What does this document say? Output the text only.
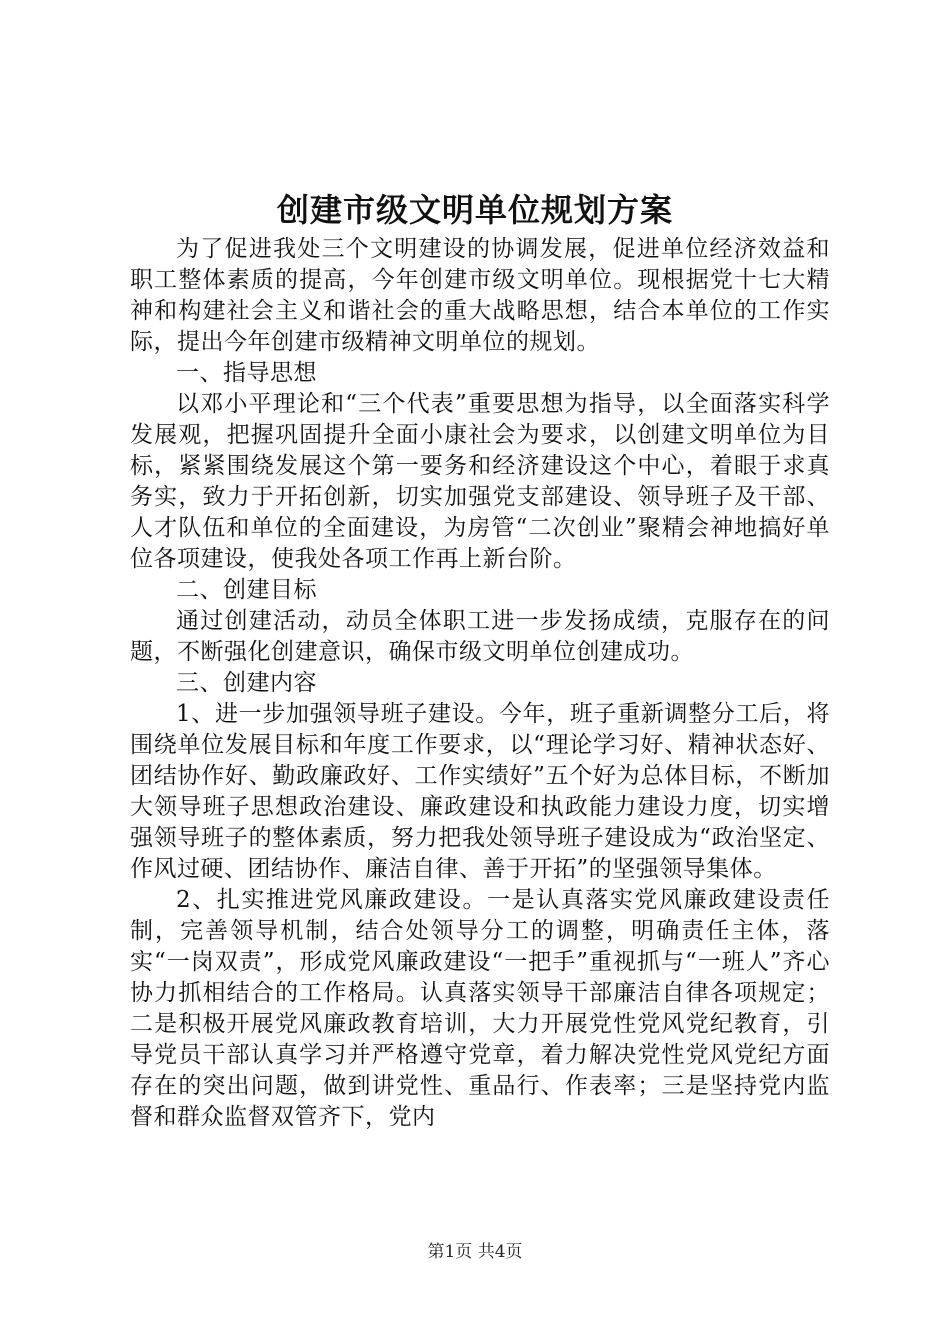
创建市级文明单位规划方案

为了促进我处三个文明建设的协调发展，促进单位经济效益和职工整体素质的提高，今年创建市级文明单位。现根据党十七大精神和构建社会主义和谐社会的重大战略思想，结合本单位的工作实际，提出今年创建市级精神文明单位的规划。

一、指导思想

以邓小平理论和“三个代表”重要思想为指导，以全面落实科学发展观，把握巩固提升全面小康社会为要求，以创建文明单位为目标，紧紧围绕发展这个第一要务和经济建设这个中心，着眼于求真务实，致力于开拓创新，切实加强党支部建设、领导班子及干部、人才队伍和单位的全面建设，为房管“二次创业”聚精会神地搞好单位各项建设，使我处各项工作再上新台阶。

二、创建目标

通过创建活动，动员全体职工进一步发扬成绩，克服存在的问题，不断强化创建意识，确保市级文明单位创建成功。

三、创建内容

1、进一步加强领导班子建设。今年，班子重新调整分工后，将围绕单位发展目标和年度工作要求，以“理论学习好、精神状态好、团结协作好、勤政廉政好、工作实绩好”五个好为总体目标，不断加大领导班子思想政治建设、廉政建设和执政能力建设力度，切实增强领导班子的整体素质，努力把我处领导班子建设成为“政治坚定、作风过硬、团结协作、廉洁自律、善于开拓”的坚强领导集体。

2、扎实推进党风廉政建设。一是认真落实党风廉政建设责任制，完善领导机制，结合处领导分工的调整，明确责任主体，落实“一岗双责”，形成党风廉政建设“一把手”重视抓与“一班人”齐心协力抓相结合的工作格局。认真落实领导干部廉洁自律各项规定；二是积极开展党风廉政教育培训，大力开展党性党风党纪教育，引导党员干部认真学习并严格遵守党章，着力解决党性党风党纪方面存在的突出问题，做到讲党性、重品行、作表率；三是坚持党内监督和群众监督双管齐下，党内

第1页 共4页
